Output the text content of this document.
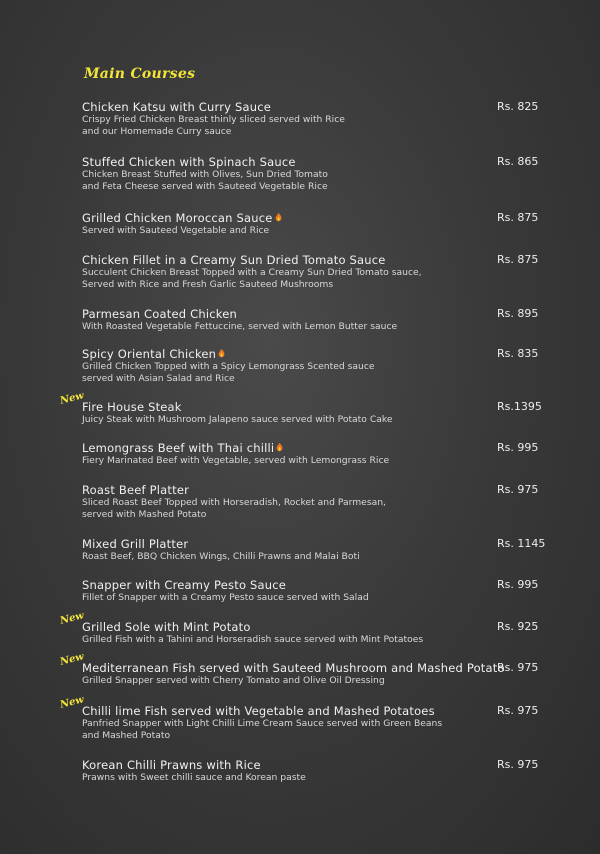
Main Courses
Chicken Katsu with Curry Sauce
Crispy Fried Chicken Breast thinly sliced served with Rice
and our Homemade Curry sauce
Rs. 825
Stuffed Chicken with Spinach Sauce
Chicken Breast Stuffed with Olives, Sun Dried Tomato
and Feta Cheese served with Sauteed Vegetable Rice
Rs. 865
Grilled Chicken Moroccan Sauce
Served with Sauteed Vegetable and Rice
Rs. 875
Chicken Fillet in a Creamy Sun Dried Tomato Sauce
Succulent Chicken Breast Topped with a Creamy Sun Dried Tomato sauce,
Served with Rice and Fresh Garlic Sauteed Mushrooms
Rs. 875
Parmesan Coated Chicken
With Roasted Vegetable Fettuccine, served with Lemon Butter sauce
Rs. 895
Spicy Oriental Chicken
Grilled Chicken Topped with a Spicy Lemongrass Scented sauce
served with Asian Salad and Rice
Rs. 835
New
Fire House Steak
Juicy Steak with Mushroom Jalapeno sauce served with Potato Cake
Rs.1395
Lemongrass Beef with Thai chilli
Fiery Marinated Beef with Vegetable, served with Lemongrass Rice
Rs. 995
Roast Beef Platter
Sliced Roast Beef Topped with Horseradish, Rocket and Parmesan,
served with Mashed Potato
Rs. 975
Mixed Grill Platter
Roast Beef, BBQ Chicken Wings, Chilli Prawns and Malai Boti
Rs. 1145
Snapper with Creamy Pesto Sauce
Fillet of Snapper with a Creamy Pesto sauce served with Salad
Rs. 995
New
Grilled Sole with Mint Potato
Grilled Fish with a Tahini and Horseradish sauce served with Mint Potatoes
Rs. 925
New
Mediterranean Fish served with Sauteed Mushroom and Mashed Potato
Grilled Snapper served with Cherry Tomato and Olive Oil Dressing
Rs. 975
New
Chilli lime Fish served with Vegetable and Mashed Potatoes
Panfried Snapper with Light Chilli Lime Cream Sauce served with Green Beans
and Mashed Potato
Rs. 975
Korean Chilli Prawns with Rice
Prawns with Sweet chilli sauce and Korean paste
Rs. 975
